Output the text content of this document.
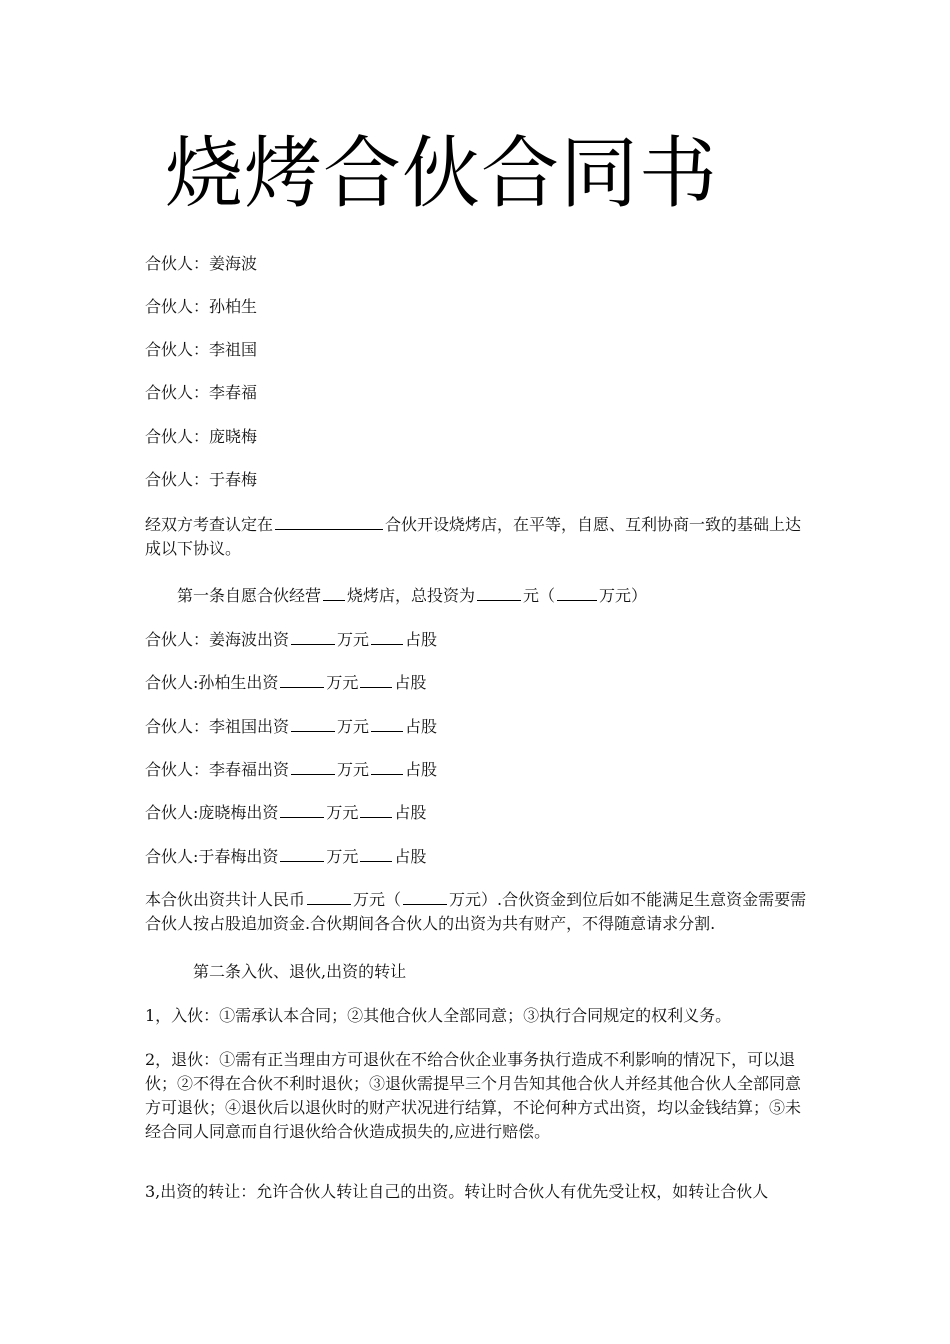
烧烤合伙合同书
合伙人：姜海波
合伙人：孙柏生
合伙人：李祖国
合伙人：李春福
合伙人：庞晓梅
合伙人：于春梅
经双方考查认定在	合伙开设烧烤店，在平等，自愿、互利协商一致的基础上达成以下协议。
第一条自愿合伙经营 烧烤店，总投资为	元（	万元）
合伙人：姜海波出资	万元 占股
合伙人:孙柏生出资	万元 占股
合伙人：李祖国出资	万元 占股
合伙人：李春福出资	万元 占股
合伙人:庞晓梅出资	万元 占股
合伙人:于春梅出资	万元 占股
本合伙出资共计人民币	万元（	万元）.合伙资金到位后如不能满足生意资金需要需合伙人按占股追加资金.合伙期间各合伙人的出资为共有财产，不得随意请求分割.
第二条入伙、退伙,出资的转让
1，入伙：①需承认本合同；②其他合伙人全部同意；③执行合同规定的权利义务。
2，退伙：①需有正当理由方可退伙在不给合伙企业事务执行造成不利影响的情况下，可以退伙；②不得在合伙不利时退伙；③退伙需提早三个月告知其他合伙人并经其他合伙人全部同意方可退伙；④退伙后以退伙时的财产状况进行结算，不论何种方式出资，均以金钱结算；⑤未经合同人同意而自行退伙给合伙造成损失的,应进行赔偿。
3,出资的转让：允许合伙人转让自己的出资。转让时合伙人有优先受让权，如转让合伙人
